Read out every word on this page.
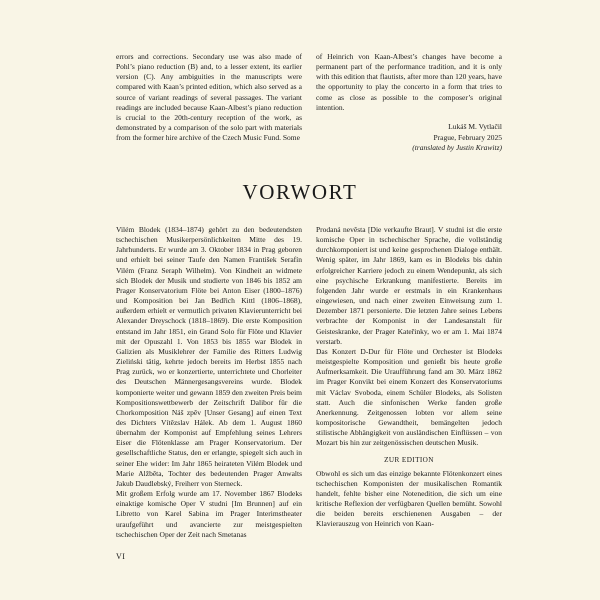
errors and corrections. Secondary use was also made of Pohl’s piano reduction (B) and, to a lesser extent, its earlier version (C). Any ambiguities in the manuscripts were compared with Kaan’s printed edition, which also served as a source of variant readings of several passages. The variant readings are included because Kaan-Albest’s piano reduction is crucial to the 20th-century reception of the work, as demonstrated by a comparison of the solo part with materials from the former hire archive of the Czech Music Fund. Some

of Heinrich von Kaan-Albest’s changes have become a permanent part of the performance tradition, and it is only with this edition that flautists, after more than 120 years, have the opportunity to play the concerto in a form that tries to come as close as possible to the composer’s original intention.

Lukáš M. Vytlačil
Prague, February 2025
(translated by Justin Krawitz)
VORWORT

Vilém Blodek (1834–1874) gehört zu den bedeutendsten tschechischen Musikerpersönlichkeiten Mitte des 19. Jahrhunderts. Er wurde am 3. Oktober 1834 in Prag geboren und erhielt bei seiner Taufe den Namen František Serafín Vilém (Franz Seraph Wilhelm). Von Kindheit an widmete sich Blodek der Musik und studierte von 1846 bis 1852 am Prager Konservatorium Flöte bei Anton Eiser (1800–1876) und Komposition bei Jan Bedřich Kittl (1806–1868), außerdem erhielt er vermutlich privaten Klavierunterricht bei Alexander Dreyschock (1818–1869). Die erste Komposition entstand im Jahr 1851, ein Grand Solo für Flöte und Klavier mit der Opuszahl 1. Von 1853 bis 1855 war Blodek in Galizien als Musiklehrer der Familie des Ritters Ludwig Zieliński tätig, kehrte jedoch bereits im Herbst 1855 nach Prag zurück, wo er konzertierte, unterrichtete und Chorleiter des Deutschen Männergesangsvereins wurde. Blodek komponierte weiter und gewann 1859 den zweiten Preis beim Kompositionswettbewerb der Zeitschrift Dalibor für die Chorkomposition Náš zpěv [Unser Gesang] auf einen Text des Dichters Vítězslav Hálek. Ab dem 1. August 1860 übernahm der Komponist auf Empfehlung seines Lehrers Eiser die Flötenklasse am Prager Konservatorium. Der gesellschaftliche Status, den er erlangte, spiegelt sich auch in seiner Ehe wider: Im Jahr 1865 heirateten Vilém Blodek und Marie Alžběta, Tochter des bedeutenden Prager Anwalts Jakub Daudlebský, Freiherr von Sterneck.

Mit großem Erfolg wurde am 17. November 1867 Blodeks einaktige komische Oper V studni [Im Brunnen] auf ein Libretto von Karel Sabina im Prager Interimstheater uraufgeführt und avancierte zur meistgespielten tschechischen Oper der Zeit nach Smetanas

Prodaná nevěsta [Die verkaufte Braut]. V studni ist die erste komische Oper in tschechischer Sprache, die vollständig durchkomponiert ist und keine gesprochenen Dialoge enthält. Wenig später, im Jahr 1869, kam es in Blodeks bis dahin erfolgreicher Karriere jedoch zu einem Wendepunkt, als sich eine psychische Erkrankung manifestierte. Bereits im folgenden Jahr wurde er erstmals in ein Krankenhaus eingewiesen, und nach einer zweiten Einweisung zum 1. Dezember 1871 personierte. Die letzten Jahre seines Lebens verbrachte der Komponist in der Landesanstalt für Geisteskranke, der Prager Kateřinky, wo er am 1. Mai 1874 verstarb.

Das Konzert D-Dur für Flöte und Orchester ist Blodeks meistgespielte Komposition und genießt bis heute große Aufmerksamkeit. Die Uraufführung fand am 30. März 1862 im Prager Konvikt bei einem Konzert des Konservatoriums mit Václav Svoboda, einem Schüler Blodeks, als Solisten statt. Auch die sinfonischen Werke fanden große Anerkennung. Zeitgenossen lobten vor allem seine kompositorische Gewandtheit, bemängelten jedoch stilistische Abhängigkeit von ausländischen Einflüssen – von Mozart bis hin zur zeitgenössischen deutschen Musik.

ZUR EDITION

Obwohl es sich um das einzige bekannte Flötenkonzert eines tschechischen Komponisten der musikalischen Romantik handelt, fehlte bisher eine Notenedition, die sich um eine kritische Reflexion der verfügbaren Quellen bemüht. Sowohl die beiden bereits erschienenen Ausgaben – der Klavierauszug von Heinrich von Kaan-

VI
